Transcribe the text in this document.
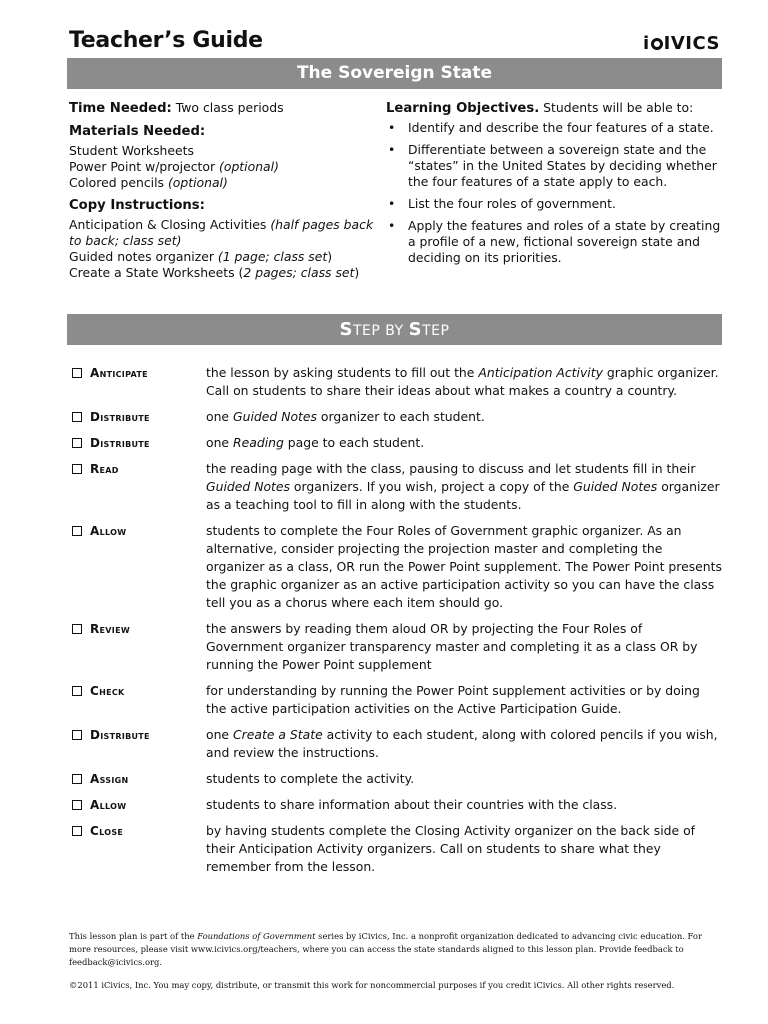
Teacher’s Guide	i IVICS
The Sovereign State
Time Needed: Two class periods
Materials Needed:
Student Worksheets
Power Point w/projector (optional)
Colored pencils (optional)
Copy Instructions:
Anticipation & Closing Activities (half pages back to back; class set)
Guided notes organizer (1 page; class set)
Create a State Worksheets (2 pages; class set)
Learning Objectives. Students will be able to:
• Identify and describe the four features of a state.
• Differentiate between a sovereign state and the “states” in the United States by deciding whether the four features of a state apply to each.
• List the four roles of government.
• Apply the features and roles of a state by creating a profile of a new, fictional sovereign state and deciding on its priorities.
STEP BY STEP
Anticipate	the lesson by asking students to fill out the Anticipation Activity graphic organizer. Call on students to share their ideas about what makes a country a country.
Distribute	one Guided Notes organizer to each student.
Distribute	one Reading page to each student.
Read	the reading page with the class, pausing to discuss and let students fill in their Guided Notes organizers. If you wish, project a copy of the Guided Notes organizer as a teaching tool to fill in along with the students.
Allow	students to complete the Four Roles of Government graphic organizer. As an alternative, consider projecting the projection master and completing the organizer as a class, OR run the Power Point supplement. The Power Point presents the graphic organizer as an active participation activity so you can have the class tell you as a chorus where each item should go.
Review	the answers by reading them aloud OR by projecting the Four Roles of Government organizer transparency master and completing it as a class OR by running the Power Point supplement
Check	for understanding by running the Power Point supplement activities or by doing the active participation activities on the Active Participation Guide.
Distribute	one Create a State activity to each student, along with colored pencils if you wish, and review the instructions.
Assign	students to complete the activity.
Allow	students to share information about their countries with the class.
Close	by having students complete the Closing Activity organizer on the back side of their Anticipation Activity organizers. Call on students to share what they remember from the lesson.
This lesson plan is part of the Foundations of Government series by iCivics, Inc. a nonprofit organization dedicated to advancing civic education. For more resources, please visit www.icivics.org/teachers, where you can access the state standards aligned to this lesson plan. Provide feedback to feedback@icivics.org.
©2011 iCivics, Inc. You may copy, distribute, or transmit this work for noncommercial purposes if you credit iCivics. All other rights reserved.
